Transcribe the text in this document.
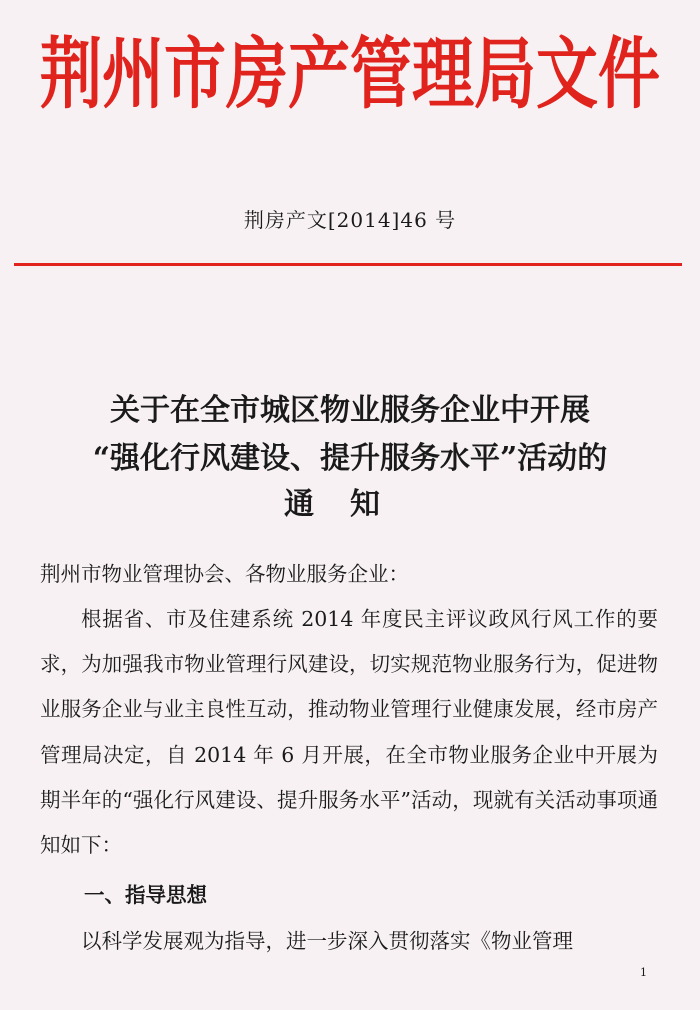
荆州市房产管理局文件
荆房产文[2014]46 号
关于在全市城区物业服务企业中开展
“强化行风建设、提升服务水平”活动的
通知
荆州市物业管理协会、各物业服务企业：
根据省、市及住建系统 2014 年度民主评议政风行风工作的要求，为加强我市物业管理行风建设，切实规范物业服务行为，促进物业服务企业与业主良性互动，推动物业管理行业健康发展，经市房产管理局决定，自 2014 年 6 月开展，在全市物业服务企业中开展为期半年的“强化行风建设、提升服务水平”活动，现就有关活动事项通知如下：
一、指导思想
以科学发展观为指导，进一步深入贯彻落实《物业管理
1
